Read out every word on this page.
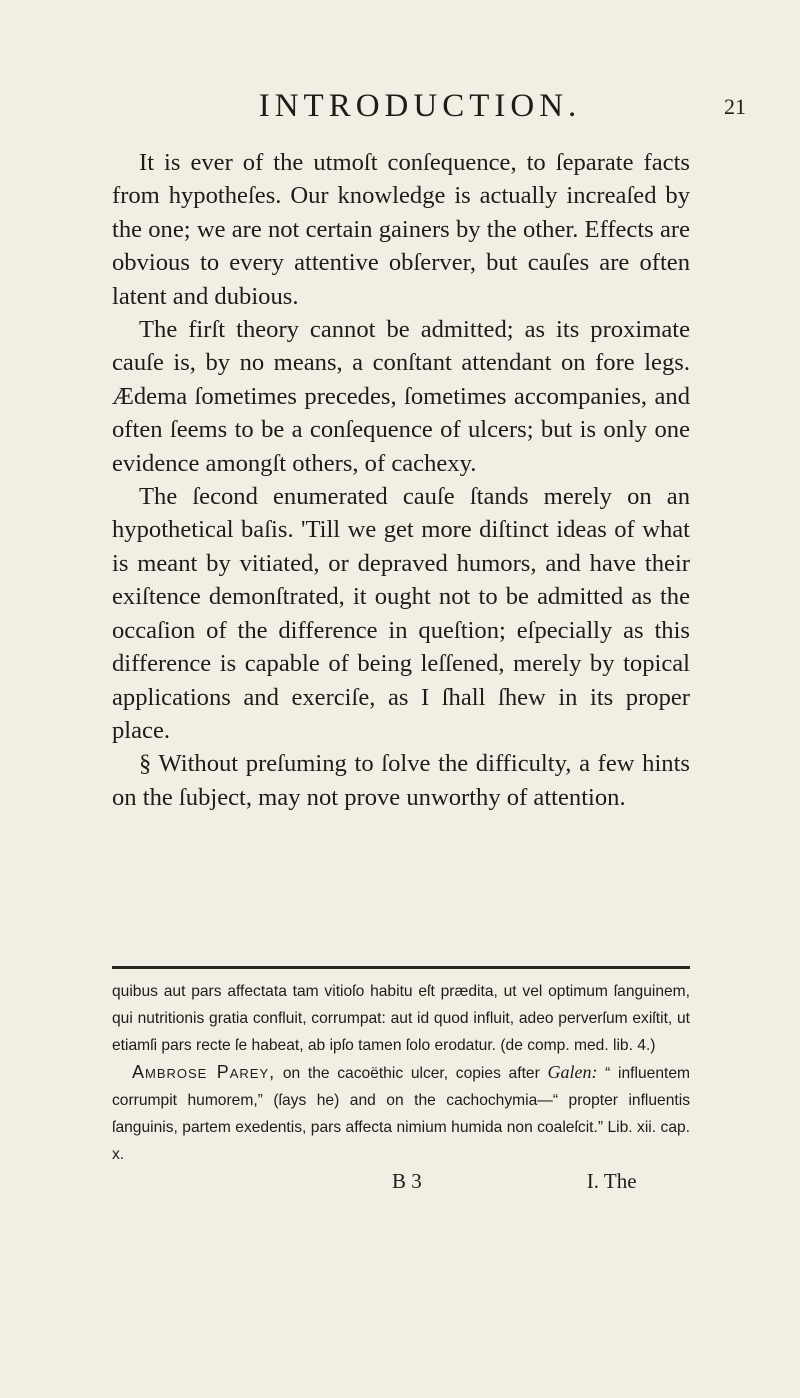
INTRODUCTION.	21

It is ever of the utmoſt conſequence, to ſeparate facts from hypotheſes. Our knowledge is actually increaſed by the one; we are not certain gainers by the other. Effects are obvious to every attentive obſerver, but cauſes are often latent and dubious.

The firſt theory cannot be admitted; as its proximate cauſe is, by no means, a conſtant attendant on fore legs. Ædema ſometimes precedes, ſometimes accompanies, and often ſeems to be a conſequence of ulcers; but is only one evidence amongſt others, of cachexy.

The ſecond enumerated cauſe ſtands merely on an hypothetical baſis. 'Till we get more diſtinct ideas of what is meant by vitiated, or depraved humors, and have their exiſtence demonſtrated, it ought not to be admitted as the occaſion of the difference in queſtion; eſpecially as this difference is capable of being leſſened, merely by topical applications and exerciſe, as I ſhall ſhew in its proper place.

§ Without preſuming to ſolve the difficulty, a few hints on the ſubject, may not prove unworthy of attention.

quibus aut pars affectata tam vitioſo habitu eſt prædita, ut vel optimum ſanguinem, qui nutritionis gratia confluit, corrumpat: aut id quod influit, adeo perverſum exiſtit, ut etiamſi pars recte ſe habeat, ab ipſo tamen ſolo erodatur. (de comp. med. lib. 4.)

Ambrose Parey, on the cacoëthic ulcer, copies after Galen: “ influentem corrumpit humorem,” (ſays he) and on the cachochymia—“ propter influentis ſanguinis, partem exedentis, pars affecta nimium humida non coaleſcit.” Lib. xii. cap. x.

B 3	I. The
